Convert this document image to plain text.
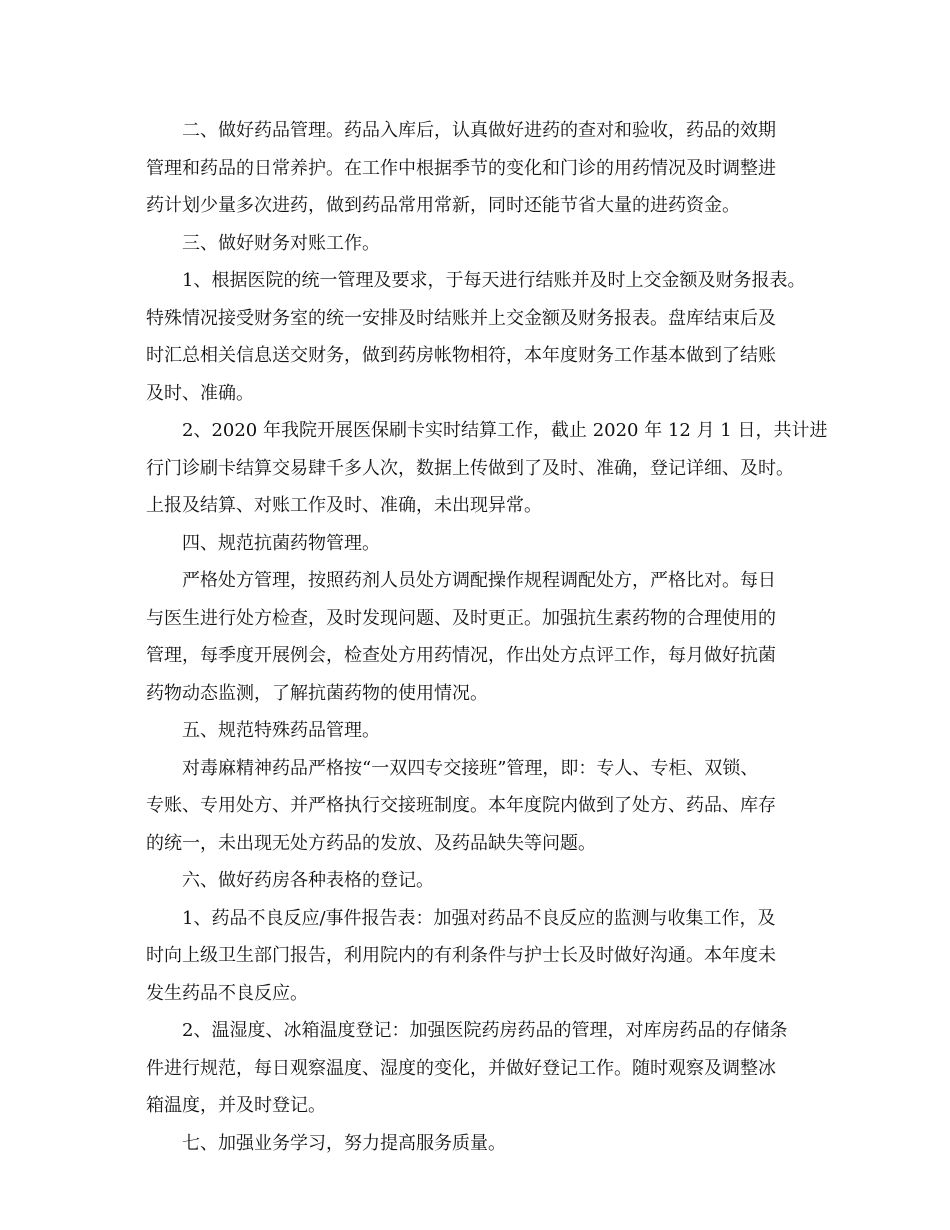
二、做好药品管理。药品入库后，认真做好进药的查对和验收，药品的效期
管理和药品的日常养护。在工作中根据季节的变化和门诊的用药情况及时调整进
药计划少量多次进药，做到药品常用常新，同时还能节省大量的进药资金。
三、做好财务对账工作。
1、根据医院的统一管理及要求，于每天进行结账并及时上交金额及财务报表。
特殊情况接受财务室的统一安排及时结账并上交金额及财务报表。盘库结束后及
时汇总相关信息送交财务，做到药房帐物相符，本年度财务工作基本做到了结账
及时、准确。
2、2020 年我院开展医保刷卡实时结算工作，截止 2020 年 12 月 1 日，共计进
行门诊刷卡结算交易肆千多人次，数据上传做到了及时、准确，登记详细、及时。
上报及结算、对账工作及时、准确，未出现异常。
四、规范抗菌药物管理。
严格处方管理，按照药剂人员处方调配操作规程调配处方，严格比对。每日
与医生进行处方检查，及时发现问题、及时更正。加强抗生素药物的合理使用的
管理，每季度开展例会，检查处方用药情况，作出处方点评工作，每月做好抗菌
药物动态监测，了解抗菌药物的使用情况。
五、规范特殊药品管理。
对毒麻精神药品严格按“一双四专交接班”管理，即：专人、专柜、双锁、
专账、专用处方、并严格执行交接班制度。本年度院内做到了处方、药品、库存
的统一，未出现无处方药品的发放、及药品缺失等问题。
六、做好药房各种表格的登记。
1、药品不良反应/事件报告表：加强对药品不良反应的监测与收集工作，及
时向上级卫生部门报告，利用院内的有利条件与护士长及时做好沟通。本年度未
发生药品不良反应。
2、温湿度、冰箱温度登记：加强医院药房药品的管理，对库房药品的存储条
件进行规范，每日观察温度、湿度的变化，并做好登记工作。随时观察及调整冰
箱温度，并及时登记。
七、加强业务学习，努力提高服务质量。
